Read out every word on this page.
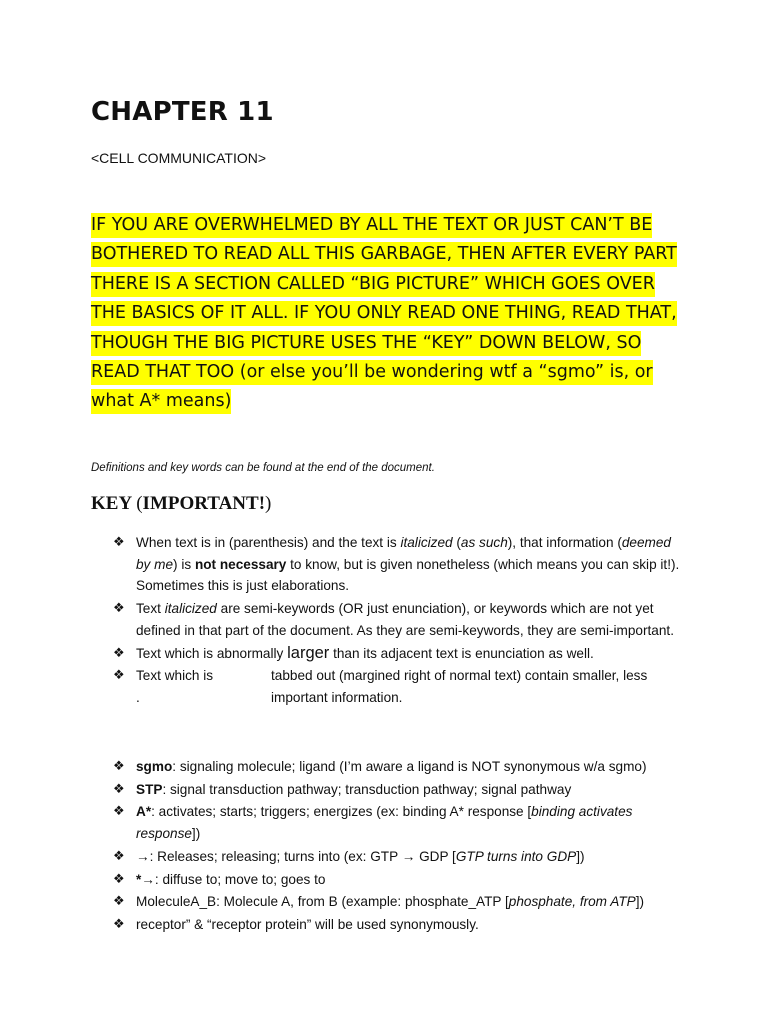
CHAPTER 11

<CELL COMMUNICATION>

IF YOU ARE OVERWHELMED BY ALL THE TEXT OR JUST CAN’T BE BOTHERED TO READ ALL THIS GARBAGE, THEN AFTER EVERY PART THERE IS A SECTION CALLED “BIG PICTURE” WHICH GOES OVER THE BASICS OF IT ALL. IF YOU ONLY READ ONE THING, READ THAT, THOUGH THE BIG PICTURE USES THE “KEY” DOWN BELOW, SO READ THAT TOO (or else you’ll be wondering wtf a “sgmo” is, or what A* means)

Definitions and key words can be found at the end of the document.

KEY (IMPORTANT!)
❖ When text is in (parenthesis) and the text is italicized (as such), that information (deemed by me) is not necessary to know, but is given nonetheless (which means you can skip it!). Sometimes this is just elaborations.
❖ Text italicized are semi-keywords (OR just enunciation), or keywords which are not yet defined in that part of the document. As they are semi-keywords, they are semi-important.
❖ Text which is abnormally larger than its adjacent text is enunciation as well.
❖ Text which is
.
tabbed out (margined right of normal text) contain smaller, less important information.
❖ sgmo: signaling molecule; ligand (I’m aware a ligand is NOT synonymous w/a sgmo)
❖ STP: signal transduction pathway; transduction pathway; signal pathway
❖ A*: activates; starts; triggers; energizes (ex: binding A* response [binding activates response])
❖ →: Releases; releasing; turns into (ex: GTP → GDP [GTP turns into GDP])
❖ *→: diffuse to; move to; goes to
❖ MoleculeA_B: Molecule A, from B (example: phosphate_ATP [phosphate, from ATP])
❖ receptor” & “receptor protein” will be used synonymously.
